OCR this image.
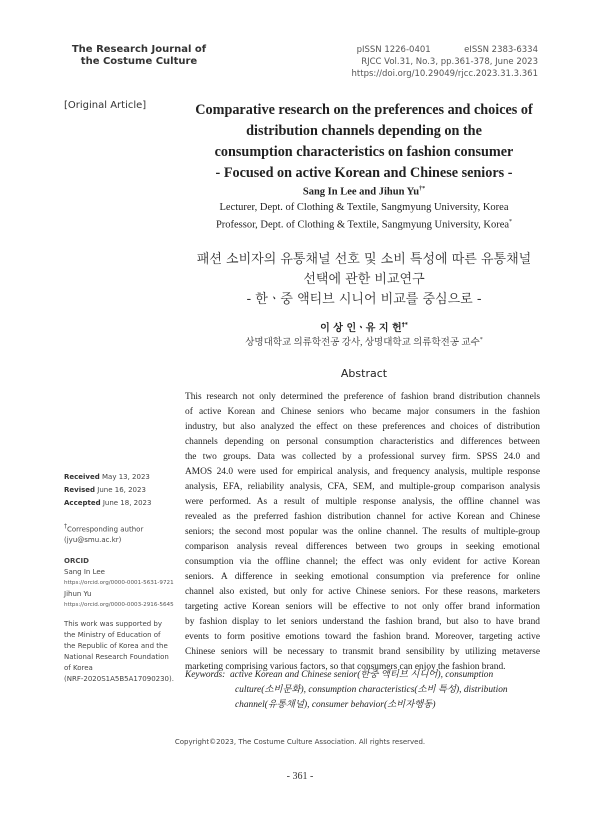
The Research Journal of
the Costume Culture
pISSN 1226-0401	eISSN 2383-6334
RJCC Vol.31, No.3, pp.361-378, June 2023
https://doi.org/10.29049/rjcc.2023.31.3.361
[Original Article]	Comparative research on the preferences and choices of
distribution channels depending on the
consumption characteristics on fashion consumer
- Focused on active Korean and Chinese seniors -
Sang In Lee and Jihun Yu†*
Lecturer, Dept. of Clothing & Textile, Sangmyung University, Korea
Professor, Dept. of Clothing & Textile, Sangmyung University, Korea*
패션 소비자의 유통채널 선호 및 소비 특성에 따른 유통채널
선택에 관한 비교연구
- 한ㆍ중 액티브 시니어 비교를 중심으로 -
이 상 인ㆍ유 지 헌†*
상명대학교 의류학전공 강사, 상명대학교 의류학전공 교수*
Abstract
This research not only determined the preference of fashion brand distribution channels
of active Korean and Chinese seniors who became major consumers in the fashion
industry, but also analyzed the effect on these preferences and choices of distribution
channels depending on personal consumption characteristics and differences between
the two groups. Data was collected by a professional survey firm. SPSS 24.0 and
AMOS 24.0 were used for empirical analysis, and frequency analysis, multiple response
analysis, EFA, reliability analysis, CFA, SEM, and multiple-group comparison analysis
were performed. As a result of multiple response analysis, the offline channel was
revealed as the preferred fashion distribution channel for active Korean and Chinese
seniors; the second most popular was the online channel. The results of multiple-group
comparison analysis reveal differences between two groups in seeking emotional
consumption via the offline channel; the effect was only evident for active Korean
seniors. A difference in seeking emotional consumption via preference for online
channel also existed, but only for active Chinese seniors. For these reasons, marketers
targeting active Korean seniors will be effective to not only offer brand information
by fashion display to let seniors understand the fashion brand, but also to have brand
events to form positive emotions toward the fashion brand. Moreover, targeting active
Chinese seniors will be necessary to transmit brand sensibility by utilizing metaverse
marketing comprising various factors, so that consumers can enjoy the fashion brand.
Keywords: active Korean and Chinese senior(한중 액티브 시니어), consumption
culture(소비문화), consumption characteristics(소비 특성), distribution
channel(유통채널), consumer behavior(소비자행동)
Received May 13, 2023
Revised June 16, 2023
Accepted June 18, 2023
†Corresponding author
(jyu@smu.ac.kr)
ORCID
Sang In Lee
https://orcid.org/0000-0001-5631-9721
Jihun Yu
https://orcid.org/0000-0003-2916-5645
This work was supported by
the Ministry of Education of
the Republic of Korea and the
National Research Foundation
of Korea
(NRF-2020S1A5B5A17090230).
Copyright©2023, The Costume Culture Association. All rights reserved.
- 361 -
